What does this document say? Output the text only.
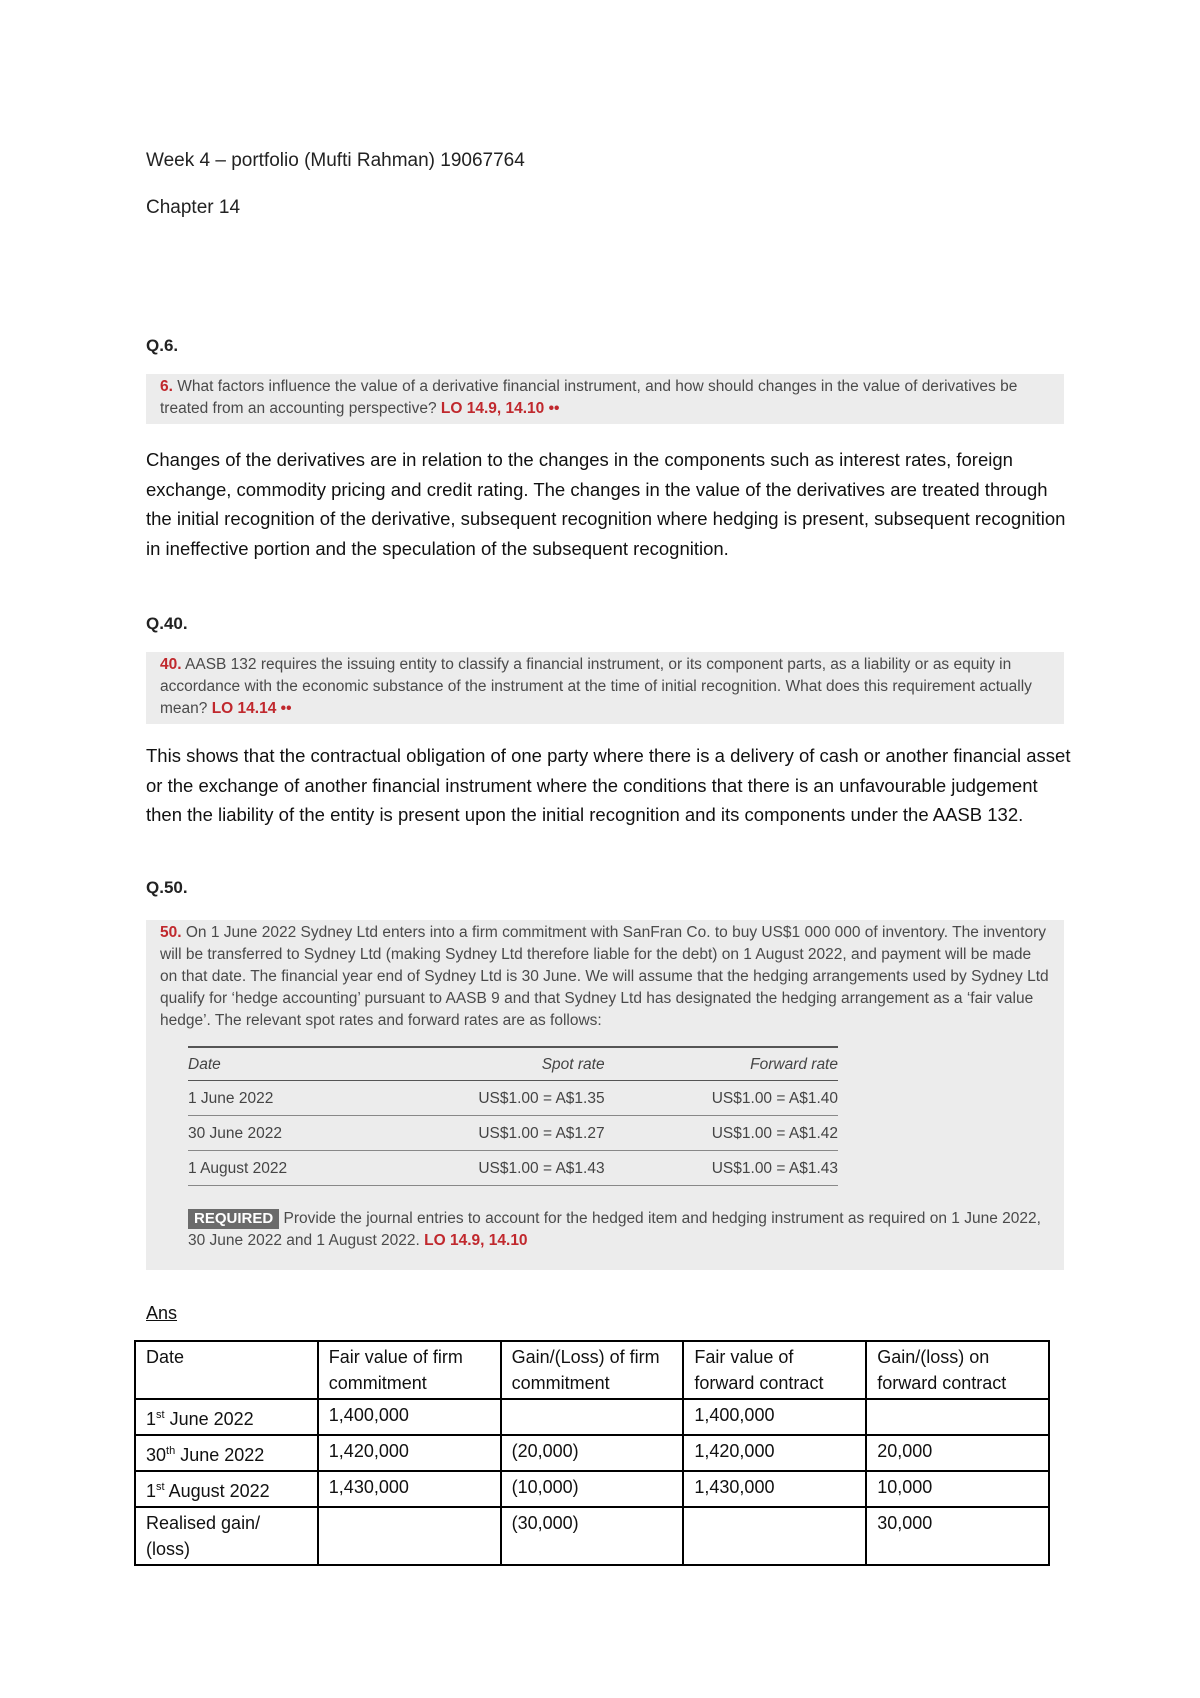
Week 4 – portfolio (Mufti Rahman) 19067764
Chapter 14
Q.6.
6. What factors influence the value of a derivative financial instrument, and how should changes in the value of derivatives be treated from an accounting perspective? LO 14.9, 14.10 ••
Changes of the derivatives are in relation to the changes in the components such as interest rates, foreign exchange, commodity pricing and credit rating. The changes in the value of the derivatives are treated through the initial recognition of the derivative, subsequent recognition where hedging is present, subsequent recognition in ineffective portion and the speculation of the subsequent recognition.
Q.40.
40. AASB 132 requires the issuing entity to classify a financial instrument, or its component parts, as a liability or as equity in accordance with the economic substance of the instrument at the time of initial recognition. What does this requirement actually mean? LO 14.14 ••
This shows that the contractual obligation of one party where there is a delivery of cash or another financial asset or the exchange of another financial instrument where the conditions that there is an unfavourable judgement then the liability of the entity is present upon the initial recognition and its components under the AASB 132.
Q.50.
50. On 1 June 2022 Sydney Ltd enters into a firm commitment with SanFran Co. to buy US$1 000 000 of inventory. The inventory will be transferred to Sydney Ltd (making Sydney Ltd therefore liable for the debt) on 1 August 2022, and payment will be made on that date. The financial year end of Sydney Ltd is 30 June. We will assume that the hedging arrangements used by Sydney Ltd qualify for ‘hedge accounting’ pursuant to AASB 9 and that Sydney Ltd has designated the hedging arrangement as a ‘fair value hedge’. The relevant spot rates and forward rates are as follows:
Date	Spot rate	Forward rate
1 June 2022	US$1.00 = A$1.35	US$1.00 = A$1.40
30 June 2022	US$1.00 = A$1.27	US$1.00 = A$1.42
1 August 2022	US$1.00 = A$1.43	US$1.00 = A$1.43
REQUIRED Provide the journal entries to account for the hedged item and hedging instrument as required on 1 June 2022, 30 June 2022 and 1 August 2022. LO 14.9, 14.10
Ans
Date	Fair value of firm commitment	Gain/(Loss) of firm commitment	Fair value of forward contract	Gain/(loss) on forward contract
1st June 2022	1,400,000		1,400,000	
30th June 2022	1,420,000	(20,000)	1,420,000	20,000
1st August 2022	1,430,000	(10,000)	1,430,000	10,000
Realised gain/ (loss)		(30,000)		30,000
